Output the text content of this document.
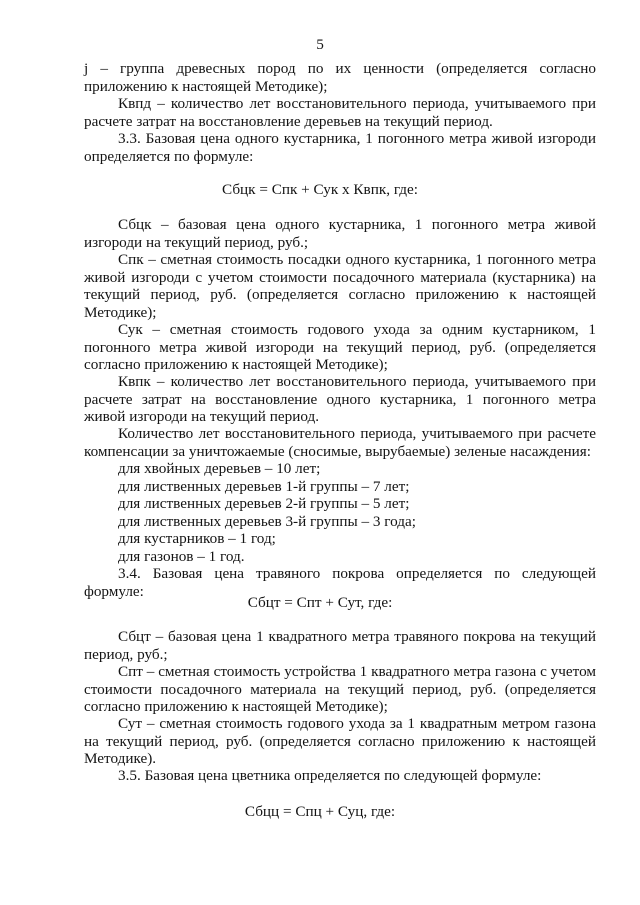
5

j – группа древесных пород по их ценности (определяется согласно приложению к настоящей Методике);

Квпд – количество лет восстановительного периода, учитываемого при расчете затрат на восстановление деревьев на текущий период.

3.3. Базовая цена одного кустарника, 1 погонного метра живой изгороди определяется по формуле:

Сбцк = Спк + Сук х Квпк, где:

Сбцк – базовая цена одного кустарника, 1 погонного метра живой изгороди на текущий период, руб.;

Спк – сметная стоимость посадки одного кустарника, 1 погонного метра живой изгороди с учетом стоимости посадочного материала (кустарника) на текущий период, руб. (определяется согласно приложению к настоящей Методике);

Сук – сметная стоимость годового ухода за одним кустарником, 1 погонного метра живой изгороди на текущий период, руб. (определяется согласно приложению к настоящей Методике);

Квпк – количество лет восстановительного периода, учитываемого при расчете затрат на восстановление одного кустарника, 1 погонного метра живой изгороди на текущий период.

Количество лет восстановительного периода, учитываемого при расчете компенсации за уничтожаемые (сносимые, вырубаемые) зеленые насаждения:

для хвойных деревьев – 10 лет;

для лиственных деревьев 1-й группы – 7 лет;

для лиственных деревьев 2-й группы – 5 лет;

для лиственных деревьев 3-й группы – 3 года;

для кустарников – 1 год;

для газонов – 1 год.

3.4. Базовая цена травяного покрова определяется по следующей формуле:

Сбцт = Спт + Сут, где:

Сбцт – базовая цена 1 квадратного метра травяного покрова на текущий период, руб.;

Спт – сметная стоимость устройства 1 квадратного метра газона с учетом стоимости посадочного материала на текущий период, руб. (определяется согласно приложению к настоящей Методике);

Сут – сметная стоимость годового ухода за 1 квадратным метром газона на текущий период, руб. (определяется согласно приложению к настоящей Методике).

3.5. Базовая цена цветника определяется по следующей формуле:

Сбцц = Спц + Суц, где:
